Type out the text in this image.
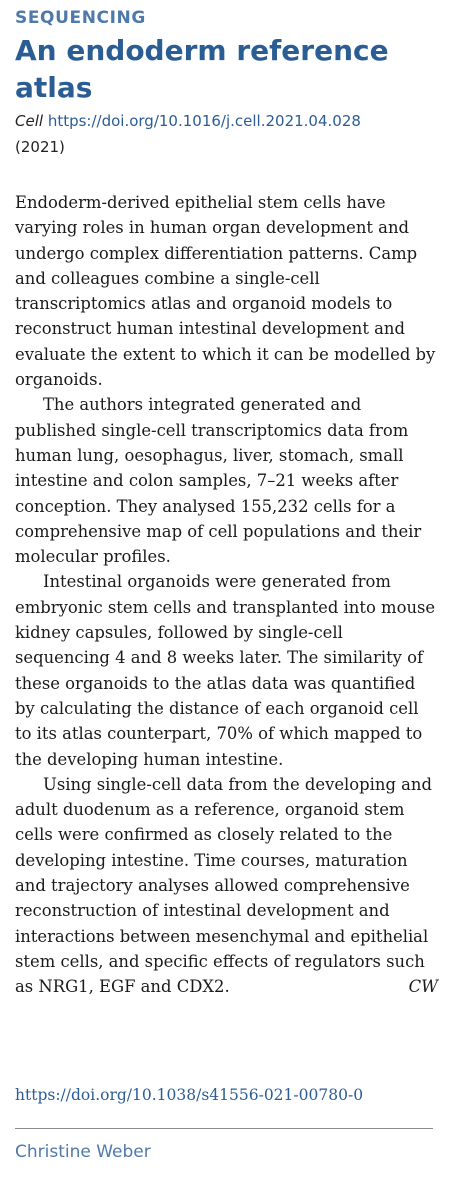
SEQUENCING
An endoderm reference atlas
Cell https://doi.org/10.1016/j.cell.2021.04.028
(2021)

Endoderm-derived epithelial stem cells have varying roles in human organ development and undergo complex differentiation patterns. Camp and colleagues combine a single-cell transcriptomics atlas and organoid models to reconstruct human intestinal development and evaluate the extent to which it can be modelled by organoids.

The authors integrated generated and published single-cell transcriptomics data from human lung, oesophagus, liver, stomach, small intestine and colon samples, 7–21 weeks after conception. They analysed 155,232 cells for a comprehensive map of cell populations and their molecular profiles.

Intestinal organoids were generated from embryonic stem cells and transplanted into mouse kidney capsules, followed by single-cell sequencing 4 and 8 weeks later. The similarity of these organoids to the atlas data was quantified by calculating the distance of each organoid cell to its atlas counterpart, 70% of which mapped to the developing human intestine.

Using single-cell data from the developing and adult duodenum as a reference, organoid stem cells were confirmed as closely related to the developing intestine. Time courses, maturation and trajectory analyses allowed comprehensive reconstruction of intestinal development and interactions between mesenchymal and epithelial stem cells, and specific effects of regulators such as NRG1, EGF and CDX2.	CW
https://doi.org/10.1038/s41556-021-00780-0
Christine Weber
